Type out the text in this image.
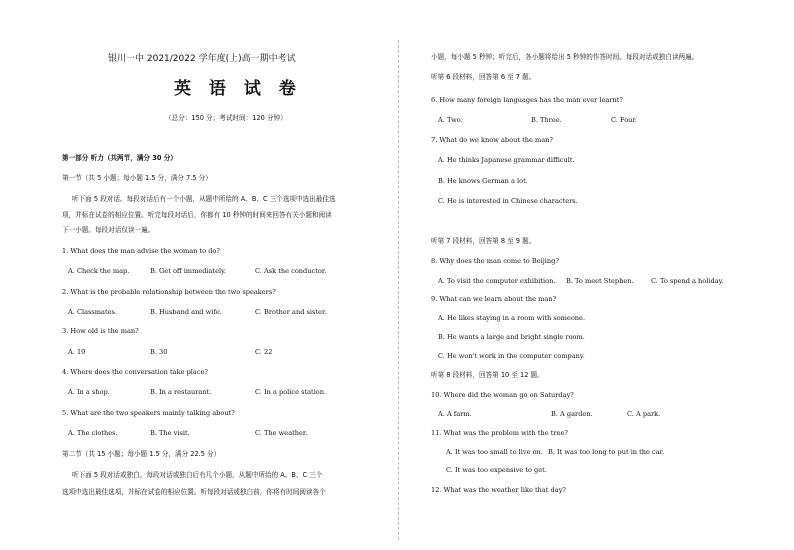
银川一中 2021/2022 学年度(上)高一期中考试
英 语 试 卷
（总分：150 分；考试时间：120 分钟）
第一部分 听力（共两节，满分 30 分）
第一节（共 5 小题；每小题 1.5 分，满分 7.5 分）
听下面 5 段对话。每段对话后有一个小题，从题中所给的 A、B、C 三个选项中选出最佳选
项，并标在试卷的相应位置。听完每段对话后，你都有 10 秒钟的时间来回答有关小题和阅读
下一小题。每段对话仅读一遍。
1. What does the man advise the woman to do?
A. Check the map.	B. Get off immediately.	C. Ask the conductor.
2. What is the probable relationship between the two speakers?
A. Classmates.	B. Husband and wife.	C. Brother and sister.
3. How old is the man?
A. 19	B. 30	C. 22
4. Where does the conversation take place?
A. In a shop.	B. In a restaurant.	C. In a police station.
5. What are the two speakers mainly talking about?
A. The clothes.	B. The visit.	C. The weather.
第二节（共 15 小题；每小题 1.5 分，满分 22.5 分）
听下面 5 段对话或独白。每段对话或独白后有几个小题，从题中所给的 A、B、C 三个
选项中选出最佳选项，并标在试卷的相应位置。听每段对话或独白前，你将有时间阅读各个
小题，每小题 5 秒钟；听完后，各小题将给出 5 秒钟的作答时间。每段对话或独白读两遍。
听第 6 段材料，回答第 6 至 7 题。
6. How many foreign languages has the man ever learnt?
A. Two.	B. Three.	C. Four.
7. What do we know about the man?
A. He thinks Japanese grammar difficult.
B. He knows German a lot.
C. He is interested in Chinese characters.
听第 7 段材料，回答第 8 至 9 题。
8. Why does the man come to Beijing?
A. To visit the computer exhibition. B. To meet Stephen.	C. To spend a holiday.
9. What can we learn about the man?
A. He likes staying in a room with someone.
B. He wants a large and bright single room.
C. He won't work in the computer company.
听第 8 段材料，回答第 10 至 12 题。
10. Where did the woman go on Saturday?
A. A farm.	B. A garden.	C. A park.
11. What was the problem with the tree?
A. It was too small to live on. B. It was too long to put in the car.
C. It was too expensive to get.
12. What was the weather like that day?
